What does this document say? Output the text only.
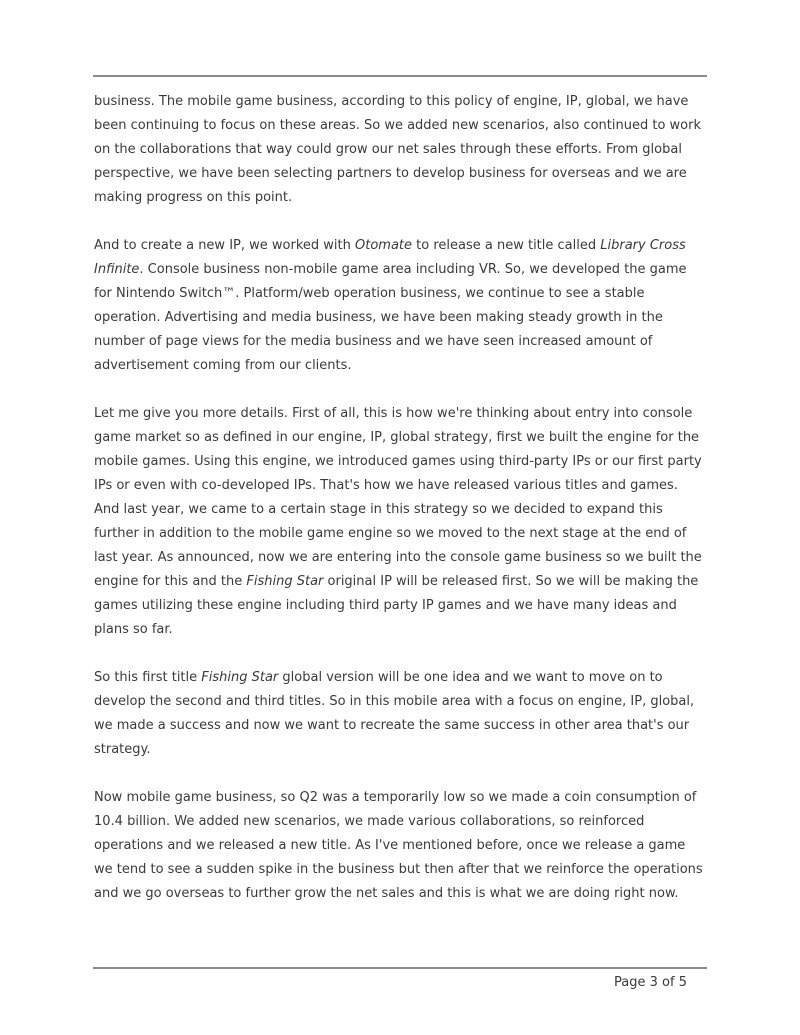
business. The mobile game business, according to this policy of engine, IP, global, we have been continuing to focus on these areas. So we added new scenarios, also continued to work on the collaborations that way could grow our net sales through these efforts. From global perspective, we have been selecting partners to develop business for overseas and we are making progress on this point.

And to create a new IP, we worked with Otomate to release a new title called Library Cross Infinite. Console business non-mobile game area including VR. So, we developed the game for Nintendo Switch™. Platform/web operation business, we continue to see a stable operation. Advertising and media business, we have been making steady growth in the number of page views for the media business and we have seen increased amount of advertisement coming from our clients.

Let me give you more details. First of all, this is how we're thinking about entry into console game market so as defined in our engine, IP, global strategy, first we built the engine for the mobile games. Using this engine, we introduced games using third-party IPs or our first party IPs or even with co-developed IPs. That's how we have released various titles and games. And last year, we came to a certain stage in this strategy so we decided to expand this further in addition to the mobile game engine so we moved to the next stage at the end of last year. As announced, now we are entering into the console game business so we built the engine for this and the Fishing Star original IP will be released first. So we will be making the games utilizing these engine including third party IP games and we have many ideas and plans so far.

So this first title Fishing Star global version will be one idea and we want to move on to develop the second and third titles. So in this mobile area with a focus on engine, IP, global, we made a success and now we want to recreate the same success in other area that's our strategy.

Now mobile game business, so Q2 was a temporarily low so we made a coin consumption of 10.4 billion. We added new scenarios, we made various collaborations, so reinforced operations and we released a new title. As I've mentioned before, once we release a game we tend to see a sudden spike in the business but then after that we reinforce the operations and we go overseas to further grow the net sales and this is what we are doing right now.

Page 3 of 5
